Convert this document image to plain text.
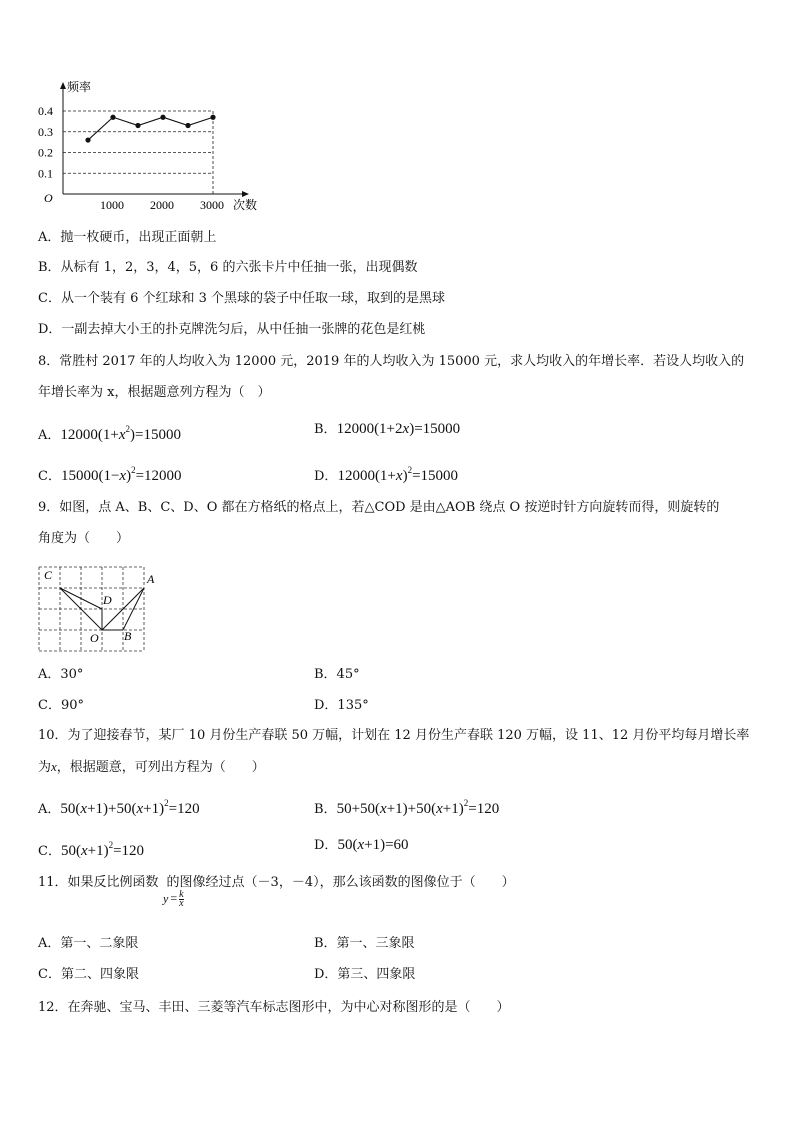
0.1
0.2
0.3
0.4
1000 2000 3000
频率
次数
O
A．抛一枚硬币，出现正面朝上
B．从标有 1，2，3，4，5，6 的六张卡片中任抽一张，出现偶数
C．从一个装有 6 个红球和 3 个黑球的袋子中任取一球，取到的是黑球
D．一副去掉大小王的扑克牌洗匀后，从中任抽一张牌的花色是红桃
8．常胜村 2017 年的人均收入为 12000 元，2019 年的人均收入为 15000 元，求人均收入的年增长率．若设人均收入的
年增长率为 x，根据题意列方程为（　）
A．$12000(1+x^2)=15000$	B．12000(1+2x)=15000
C．$15000(1-x)^2=12000$	D．$12000(1+x)^2=15000$
9．如图，点 A、B、C、D、O 都在方格纸的格点上，若△COD 是由△AOB 绕点 O 按逆时针方向旋转而得，则旋转的
角度为（　　）
C	A
D
O B
A．30°	B．45°
C．90°	D．135°
10．为了迎接春节，某厂 10 月份生产春联 50 万幅，计划在 12 月份生产春联 120 万幅，设 11、12 月份平均每月增长率
为x，根据题意，可列出方程为（　　）
A．$50(x+1)+50(x+1)^2=120$	B．$50+50(x+1)+50(x+1)^2=120$
C．$50(x+1)^2=120$	D．50(x+1)=60
11．如果反比例函数 的图像经过点（－3，－4），那么该函数的图像位于（　　）
$y = \frac{k}{x}$
A．第一、二象限	B．第一、三象限
C．第二、四象限	D．第三、四象限
12．在奔驰、宝马、丰田、三菱等汽车标志图形中，为中心对称图形的是（　　）
